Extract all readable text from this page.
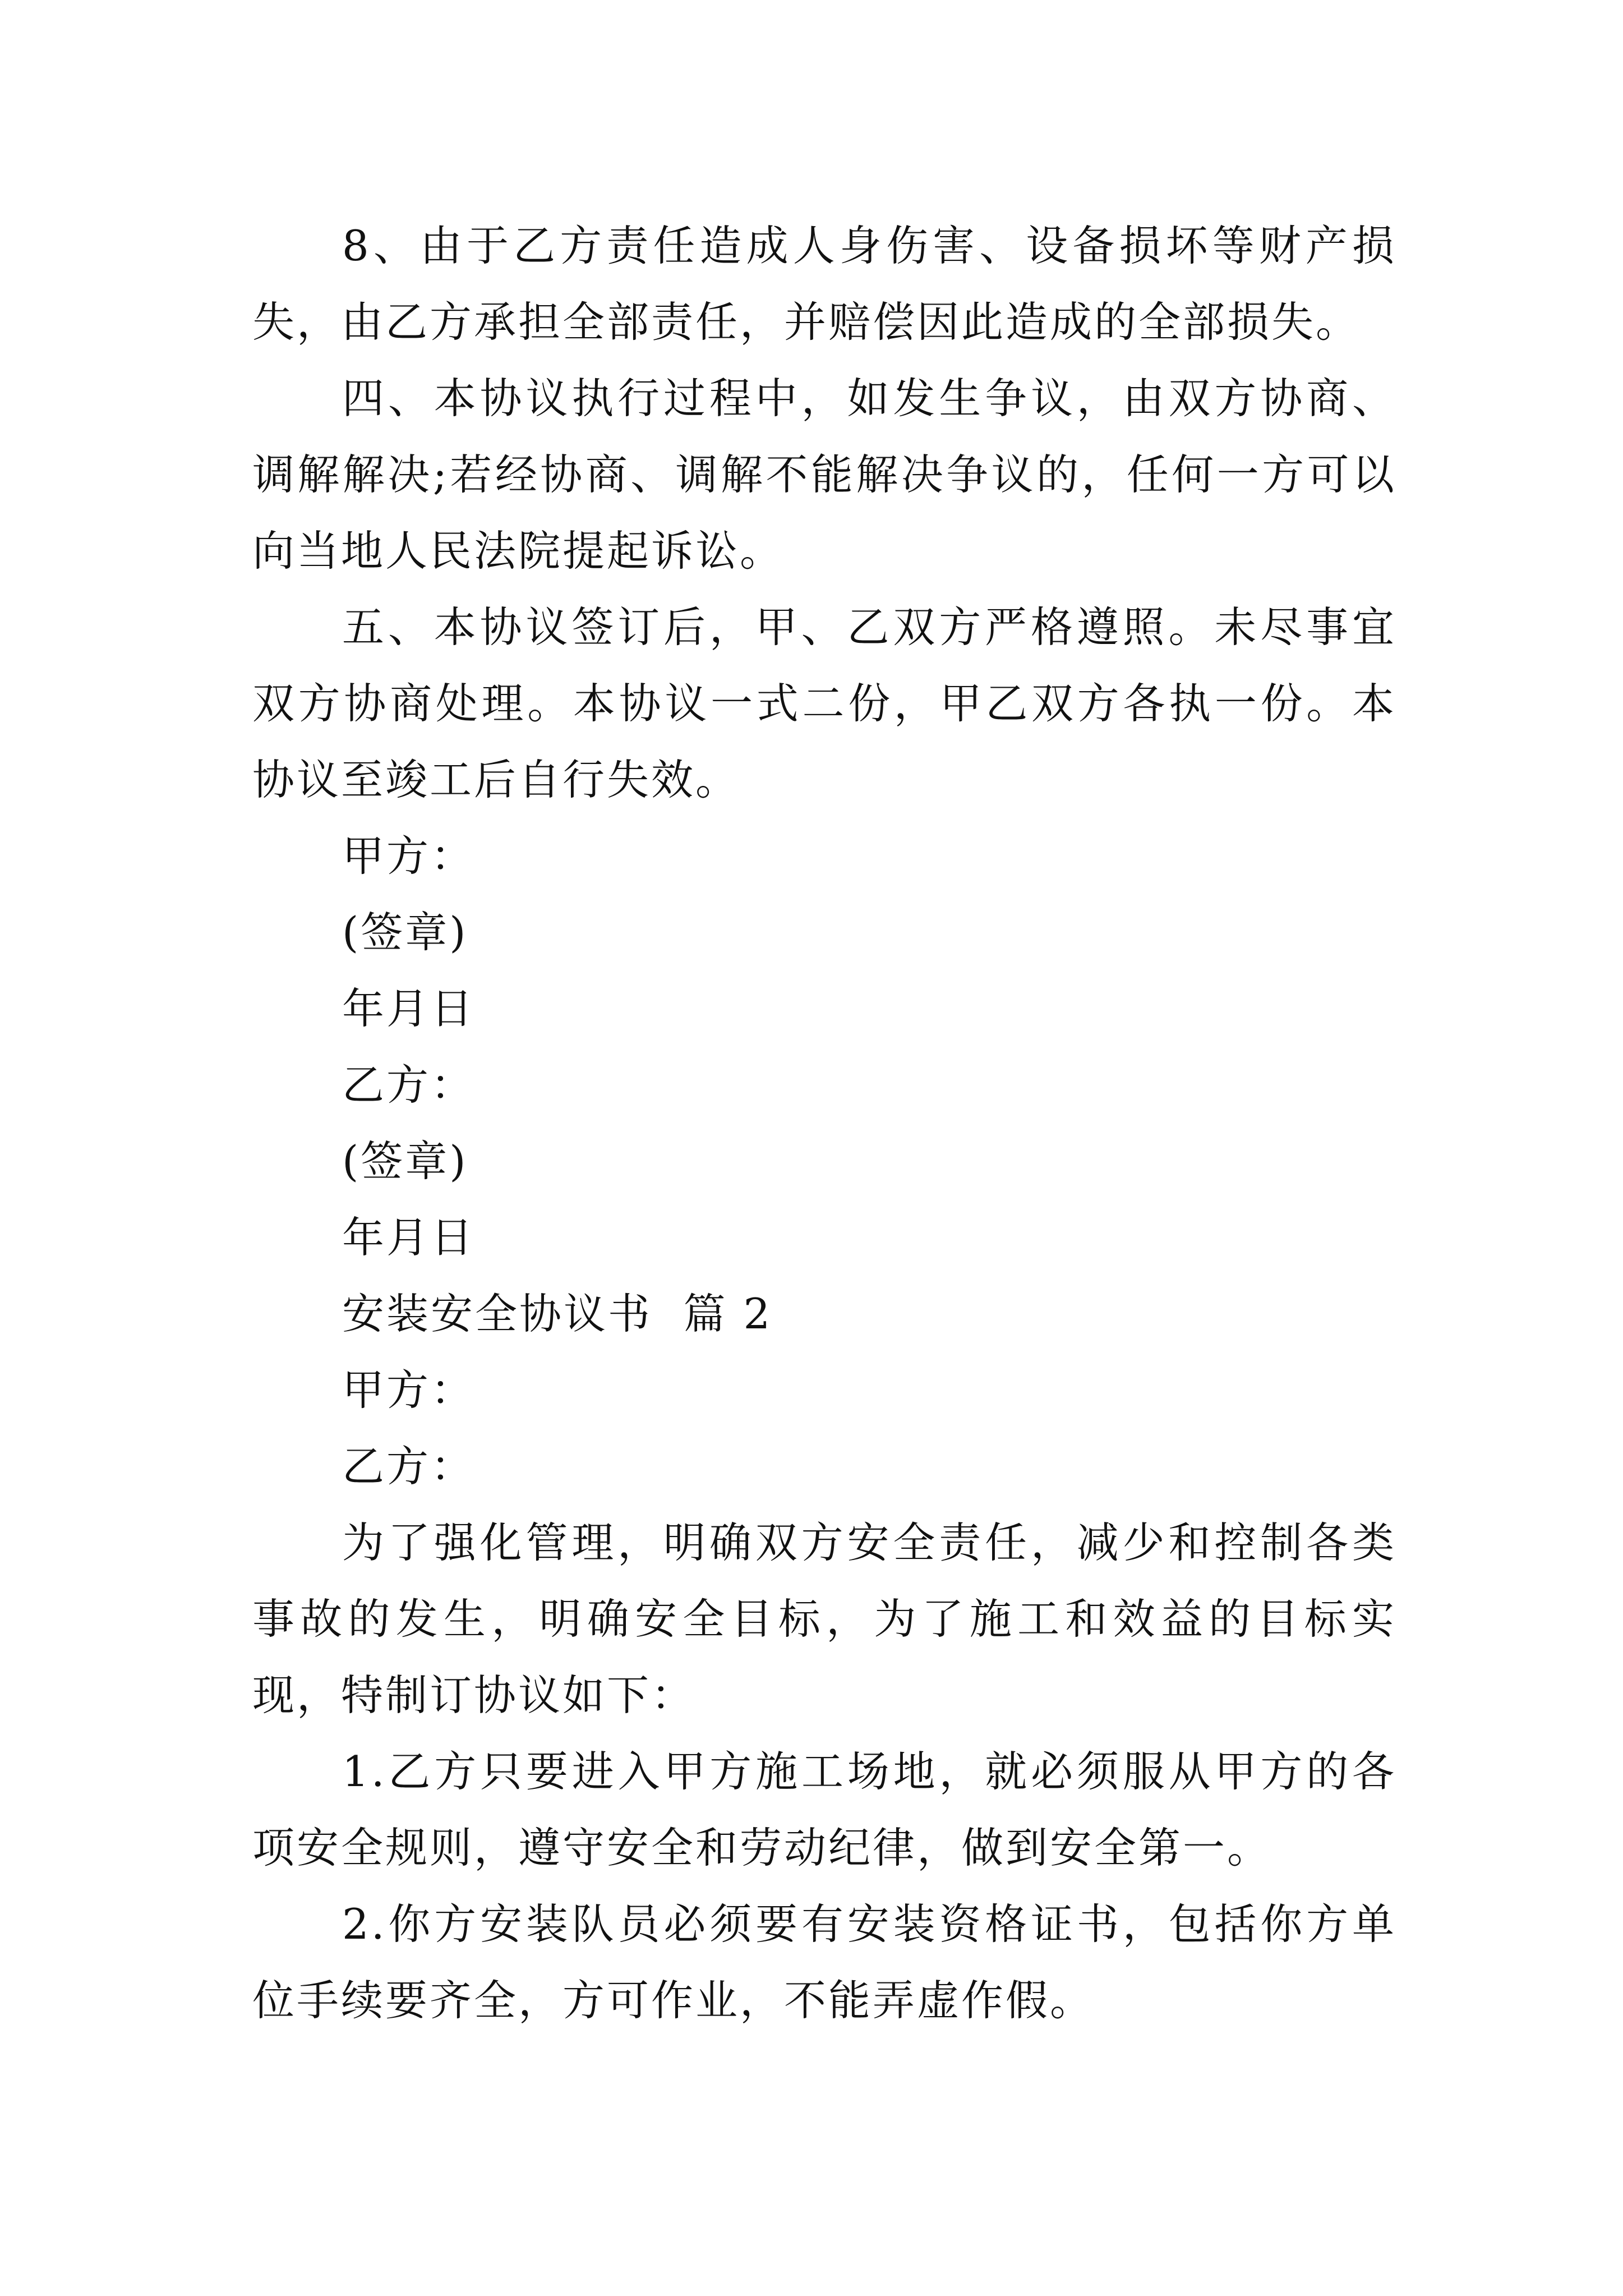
8、由于乙方责任造成人身伤害、设备损坏等财产损失，由乙方承担全部责任，并赔偿因此造成的全部损失。

四、本协议执行过程中，如发生争议，由双方协商、调解解决;若经协商、调解不能解决争议的，任何一方可以向当地人民法院提起诉讼。

五、本协议签订后，甲、乙双方严格遵照。未尽事宜双方协商处理。本协议一式二份，甲乙双方各执一份。本协议至竣工后自行失效。

甲方：

(签章)

年月日

乙方：

(签章)

年月日

安装安全协议书  篇 2

甲方：

乙方：

为了强化管理，明确双方安全责任，减少和控制各类事故的发生，明确安全目标，为了施工和效益的目标实现，特制订协议如下：

1.乙方只要进入甲方施工场地，就必须服从甲方的各项安全规则，遵守安全和劳动纪律，做到安全第一。

2.你方安装队员必须要有安装资格证书，包括你方单位手续要齐全，方可作业，不能弄虚作假。
